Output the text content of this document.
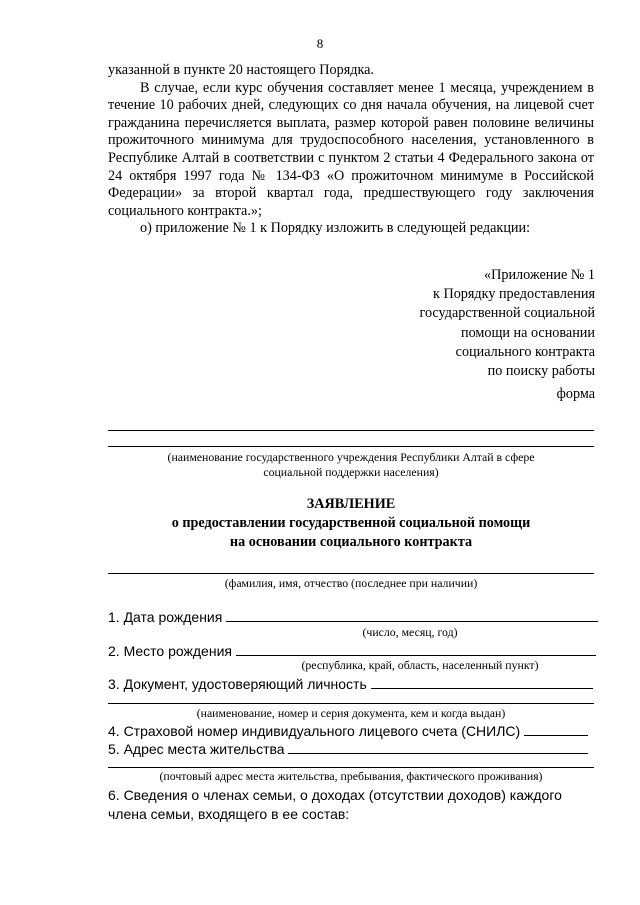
8

указанной в пункте 20 настоящего Порядка.

В случае, если курс обучения составляет менее 1 месяца, учреждением в течение 10 рабочих дней, следующих со дня начала обучения, на лицевой счет гражданина перечисляется выплата, размер которой равен половине величины прожиточного минимума для трудоспособного населения, установленного в Республике Алтай в соответствии с пунктом 2 статьи 4 Федерального закона от 24 октября 1997 года № 134-ФЗ «О прожиточном минимуме в Российской Федерации» за второй квартал года, предшествующего году заключения социального контракта.»;

о) приложение № 1 к Порядку изложить в следующей редакции:

«Приложение № 1
к Порядку предоставления
государственной социальной
помощи на основании
социального контракта
по поиску работы
форма
(наименование государственного учреждения Республики Алтай в сфере
социальной поддержки населения)
ЗАЯВЛЕНИЕ
о предоставлении государственной социальной помощи
на основании социального контракта
(фамилия, имя, отчество (последнее при наличии)
1. Дата рождения
(число, месяц, год)
2. Место рождения
(республика, край, область, населенный пункт)
3. Документ, удостоверяющий личность
(наименование, номер и серия документа, кем и когда выдан)
4. Страховой номер индивидуального лицевого счета (СНИЛС)
5. Адрес места жительства
(почтовый адрес места жительства, пребывания, фактического проживания)
6. Сведения о членах семьи, о доходах (отсутствии доходов) каждого члена семьи, входящего в ее состав:
